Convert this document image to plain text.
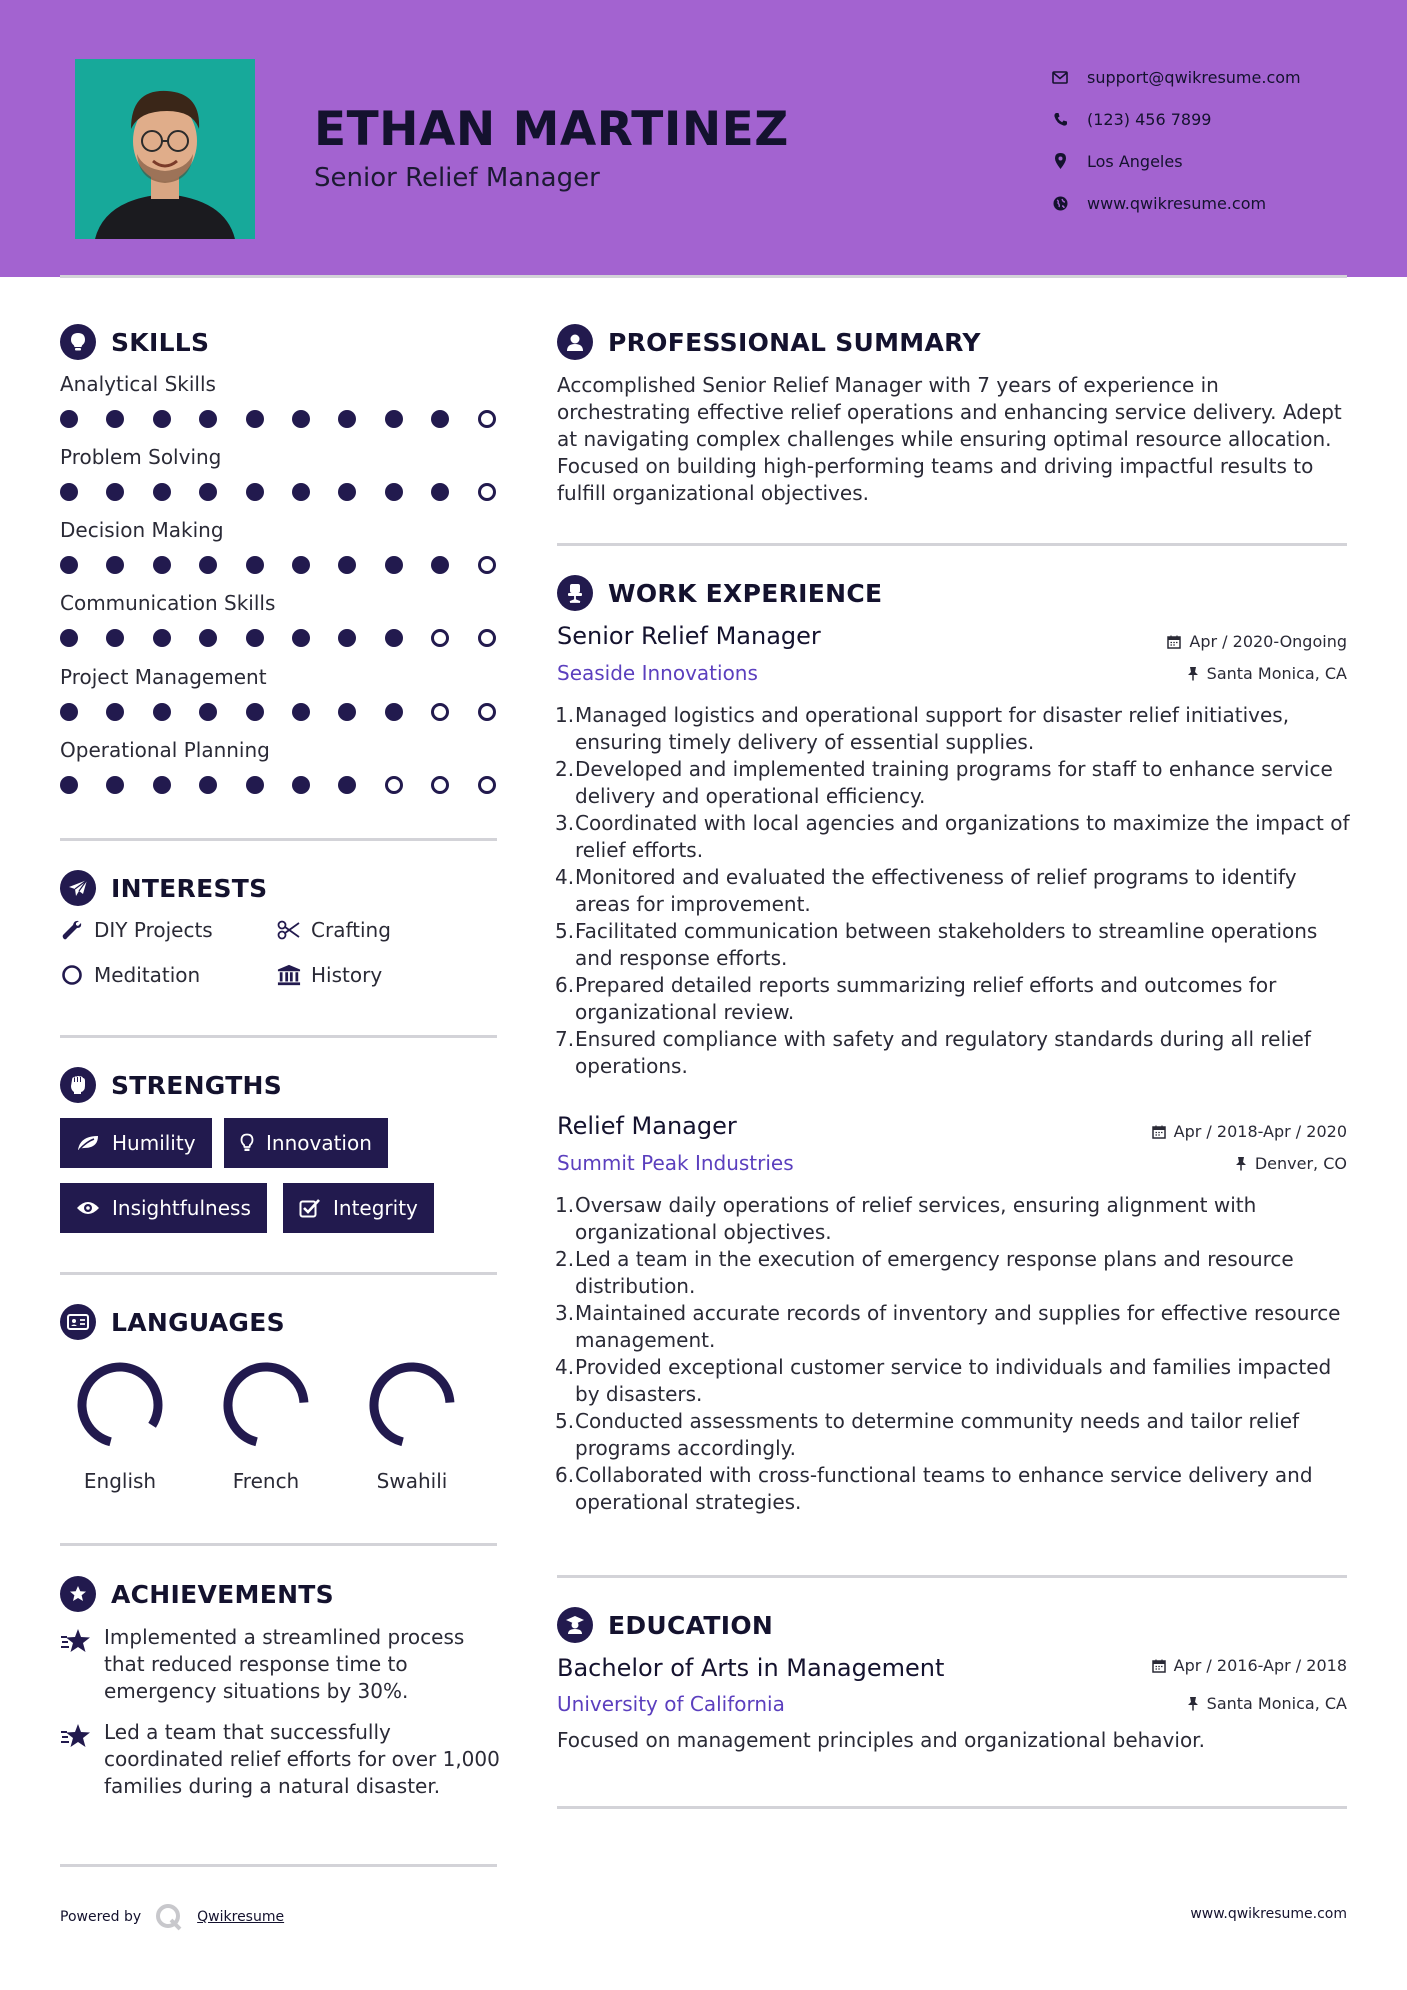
ETHAN MARTINEZ
Senior Relief Manager
support@qwikresume.com
(123) 456 7899
Los Angeles
www.qwikresume.com
SKILLS
Analytical Skills
Problem Solving
Decision Making
Communication Skills
Project Management
Operational Planning
INTERESTS
DIY Projects	Crafting
Meditation	History
STRENGTHS
Humility	Innovation
Insightfulness	Integrity
LANGUAGES
English	French	Swahili
ACHIEVEMENTS
Implemented a streamlined process that reduced response time to emergency situations by 30%.
Led a team that successfully coordinated relief efforts for over 1,000 families during a natural disaster.
PROFESSIONAL SUMMARY
Accomplished Senior Relief Manager with 7 years of experience in orchestrating effective relief operations and enhancing service delivery. Adept at navigating complex challenges while ensuring optimal resource allocation. Focused on building high-performing teams and driving impactful results to fulfill organizational objectives.
WORK EXPERIENCE
Senior Relief Manager	Apr / 2020-Ongoing
Seaside Innovations	Santa Monica, CA
1. Managed logistics and operational support for disaster relief initiatives, ensuring timely delivery of essential supplies.
2. Developed and implemented training programs for staff to enhance service delivery and operational efficiency.
3. Coordinated with local agencies and organizations to maximize the impact of relief efforts.
4. Monitored and evaluated the effectiveness of relief programs to identify areas for improvement.
5. Facilitated communication between stakeholders to streamline operations and response efforts.
6. Prepared detailed reports summarizing relief efforts and outcomes for organizational review.
7. Ensured compliance with safety and regulatory standards during all relief operations.
Relief Manager	Apr / 2018-Apr / 2020
Summit Peak Industries	Denver, CO
1. Oversaw daily operations of relief services, ensuring alignment with organizational objectives.
2. Led a team in the execution of emergency response plans and resource distribution.
3. Maintained accurate records of inventory and supplies for effective resource management.
4. Provided exceptional customer service to individuals and families impacted by disasters.
5. Conducted assessments to determine community needs and tailor relief programs accordingly.
6. Collaborated with cross-functional teams to enhance service delivery and operational strategies.
EDUCATION
Bachelor of Arts in Management	Apr / 2016-Apr / 2018
University of California	Santa Monica, CA
Focused on management principles and organizational behavior.
Powered by	Qwikresume	www.qwikresume.com
